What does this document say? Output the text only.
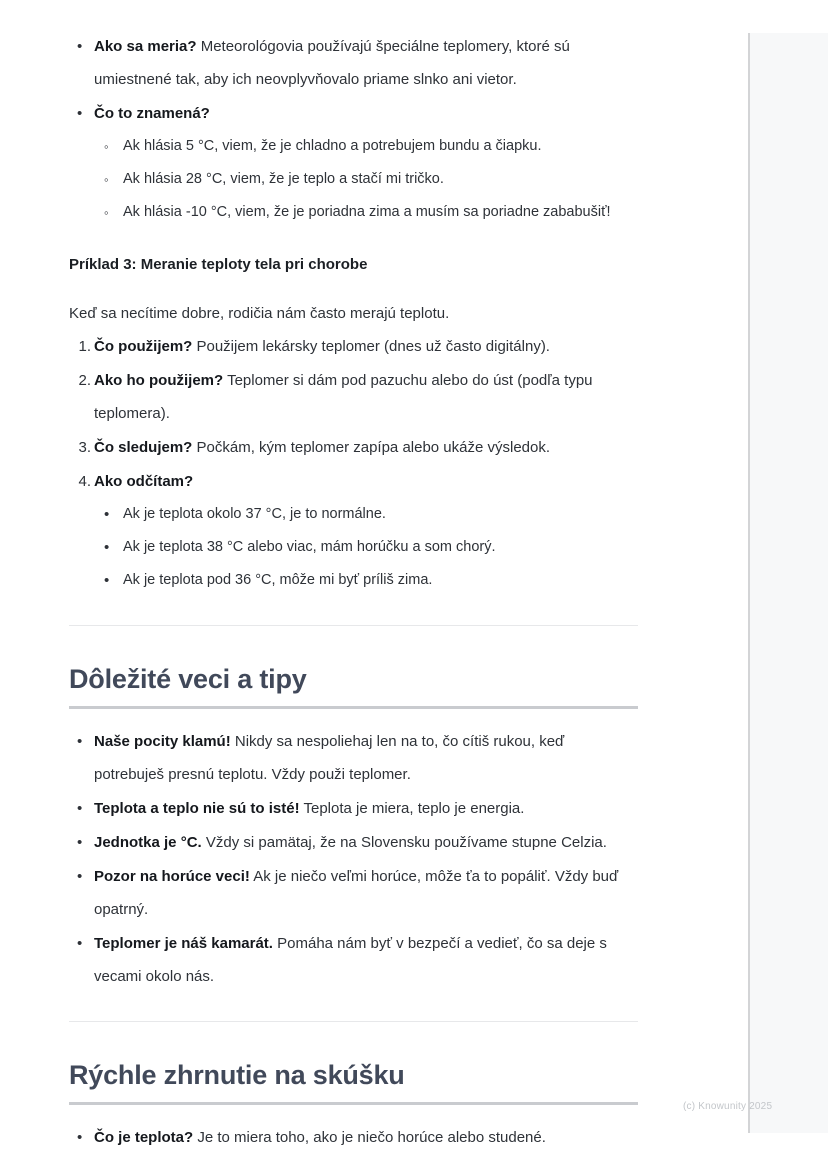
• Ako sa meria? Meteorológovia používajú špeciálne teplomery, ktoré sú umiestnené tak, aby ich neovplyvňovalo priame slnko ani vietor.
• Čo to znamená?
◦ Ak hlásia 5 °C, viem, že je chladno a potrebujem bundu a čiapku.
◦ Ak hlásia 28 °C, viem, že je teplo a stačí mi tričko.
◦ Ak hlásia -10 °C, viem, že je poriadna zima a musím sa poriadne zababušiť!

Príklad 3: Meranie teploty tela pri chorobe

Keď sa necítime dobre, rodičia nám často merajú teplotu.

1. Čo použijem? Použijem lekársky teplomer (dnes už často digitálny).
2. Ako ho použijem? Teplomer si dám pod pazuchu alebo do úst (podľa typu teplomera).
3. Čo sledujem? Počkám, kým teplomer zapípa alebo ukáže výsledok.
4. Ako odčítam?
• Ak je teplota okolo 37 °C, je to normálne.
• Ak je teplota 38 °C alebo viac, mám horúčku a som chorý.
• Ak je teplota pod 36 °C, môže mi byť príliš zima.
Dôležité veci a tipy
• Naše pocity klamú! Nikdy sa nespoliehaj len na to, čo cítiš rukou, keď potrebuješ presnú teplotu. Vždy použi teplomer.
• Teplota a teplo nie sú to isté! Teplota je miera, teplo je energia.
• Jednotka je °C. Vždy si pamätaj, že na Slovensku používame stupne Celzia.
• Pozor na horúce veci! Ak je niečo veľmi horúce, môže ťa to popáliť. Vždy buď opatrný.
• Teplomer je náš kamarát. Pomáha nám byť v bezpečí a vedieť, čo sa deje s vecami okolo nás.
Rýchle zhrnutie na skúšku
• Čo je teplota? Je to miera toho, ako je niečo horúce alebo studené.
(c) Knowunity 2025
